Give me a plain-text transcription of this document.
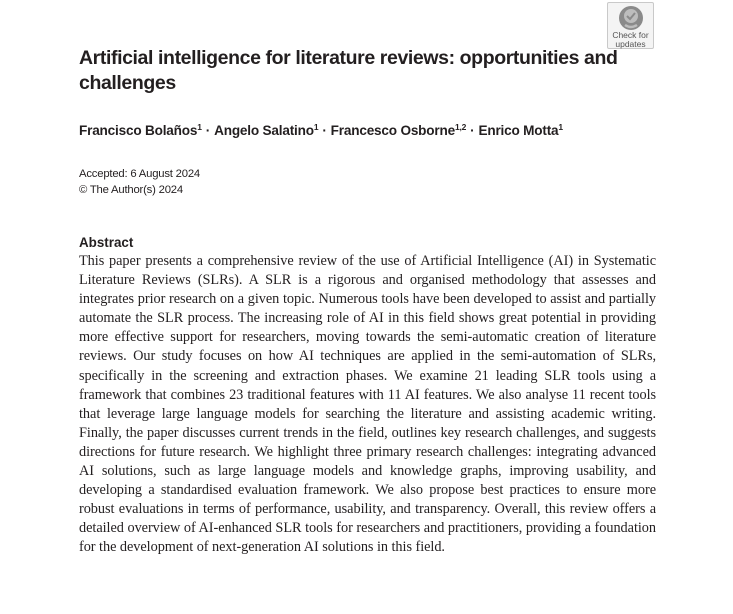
Check for
updates
Artificial intelligence for literature reviews: opportunities and challenges
Francisco Bolaños$^1$ · Angelo Salatino$^1$ · Francesco Osborne$^{1,2}$ · Enrico Motta$^1$
Accepted: 6 August 2024
© The Author(s) 2024
Abstract

This paper presents a comprehensive review of the use of Artificial Intelligence (AI) in Systematic Literature Reviews (SLRs). A SLR is a rigorous and organised methodology that assesses and integrates prior research on a given topic. Numerous tools have been developed to assist and partially automate the SLR process. The increasing role of AI in this field shows great potential in providing more effective support for researchers, moving towards the semi-automatic creation of literature reviews. Our study focuses on how AI techniques are applied in the semi-automation of SLRs, specifically in the screening and extraction phases. We examine 21 leading SLR tools using a framework that combines 23 traditional features with 11 AI features. We also analyse 11 recent tools that leverage large language models for searching the literature and assisting academic writing. Finally, the paper discusses current trends in the field, outlines key research challenges, and suggests directions for future research. We highlight three primary research challenges: integrating advanced AI solutions, such as large language models and knowledge graphs, improving usability, and developing a standardised evaluation framework. We also propose best practices to ensure more robust evaluations in terms of performance, usability, and transparency. Overall, this review offers a detailed overview of AI-enhanced SLR tools for researchers and practitioners, providing a foundation for the development of next-generation AI solutions in this field.
